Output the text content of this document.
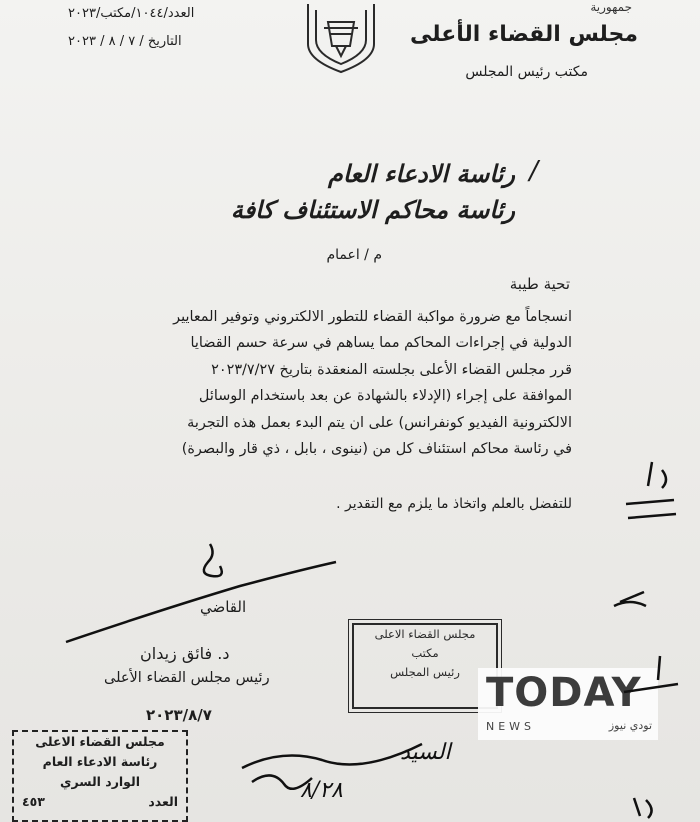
جمهورية
مجلس القضاء الأعلى
مكتب رئيس المجلس
العدد/١٠٤٤/مكتب/٢٠٢٣
التاريخ / ٧ / ٨ / ٢٠٢٣
/
رئاسة الادعاء العام
رئاسة محاكم الاستئناف كافة
م / اعمام
تحية طيبة
انسجاماً مع ضرورة مواكبة القضاء للتطور الالكتروني وتوفير المعايير
الدولية في إجراءات المحاكم مما يساهم في سرعة حسم القضايا
قرر مجلس القضاء الأعلى بجلسته المنعقدة بتاريخ ٢٠٢٣/٧/٢٧
الموافقة على إجراء (الإدلاء بالشهادة عن بعد باستخدام الوسائل
الالكترونية الفيديو كونفرانس) على ان يتم البدء بعمل هذه التجربة
في رئاسة محاكم استئناف كل من (نينوى ، بابل ، ذي قار والبصرة)
للتفضل بالعلم واتخاذ ما يلزم مع التقدير .
القاضي
د. فائق زيدان
رئيس مجلس القضاء الأعلى
٢٠٢٣/٨/٧
مجلس القضاء الاعلى
مكتب
رئيس المجلس TODAY
NEWS	تودي نيوز
مجلس القضاء الاعلى
رئاسة الادعاء العام
الوارد السري
العدد
٤٥٣
السيد
٨/٢٨
